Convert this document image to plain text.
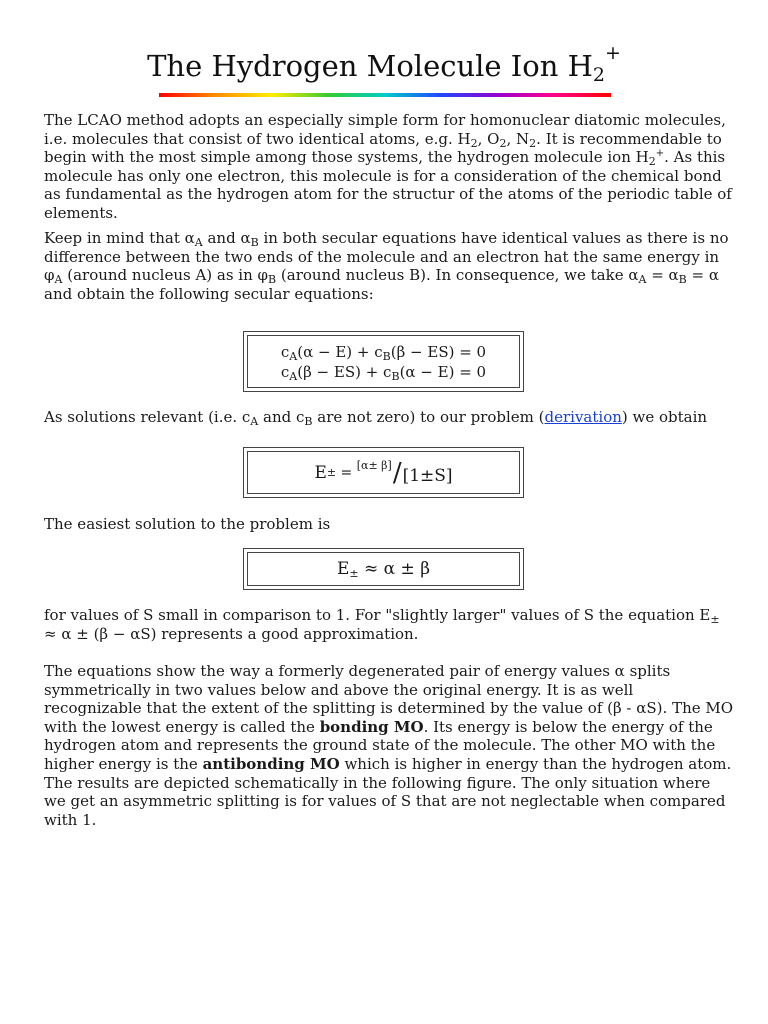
The Hydrogen Molecule Ion $H_2^+$

The LCAO method adopts an especially simple form for homonuclear diatomic molecules, i.e. molecules that consist of two identical atoms, e.g. $H_2$, $O_2$, $N_2$. It is recommendable to begin with the most simple among those systems, the hydrogen molecule ion $H_2^+$. As this molecule has only one electron, this molecule is for a consideration of the chemical bond as fundamental as the hydrogen atom for the structur of the atoms of the periodic table of elements.

Keep in mind that $\alpha_A$ and $\alpha_B$ in both secular equations have identical values as there is no difference between the two ends of the molecule and an electron hat the same energy in $\varphi_A$ (around nucleus A) as in $\varphi_B$ (around nucleus B). In consequence, we take $\alpha_A = \alpha_B = \alpha$ and obtain the following secular equations:

$c_A(\alpha - E) + c_B(\beta - ES) = 0$
$c_A(\beta - ES) + c_B(\alpha - E) = 0$

As solutions relevant (i.e. $c_A$ and $c_B$ are not zero) to our problem (derivation) we obtain

E ± = [α± β] / [1±S]

The easiest solution to the problem is

$E_\pm \approx \alpha \pm \beta$

for values of S small in comparison to 1. For "slightly larger" values of S the equation $E_\pm \approx \alpha \pm (\beta - \alpha S)$ represents a good approximation.

The equations show the way a formerly degenerated pair of energy values α splits symmetrically in two values below and above the original energy. It is as well recognizable that the extent of the splitting is determined by the value of (β - αS). The MO with the lowest energy is called the bonding MO. Its energy is below the energy of the hydrogen atom and represents the ground state of the molecule. The other MO with the higher energy is the antibonding MO which is higher in energy than the hydrogen atom. The results are depicted schematically in the following figure. The only situation where we get an asymmetric splitting is for values of S that are not neglectable when compared with 1.
